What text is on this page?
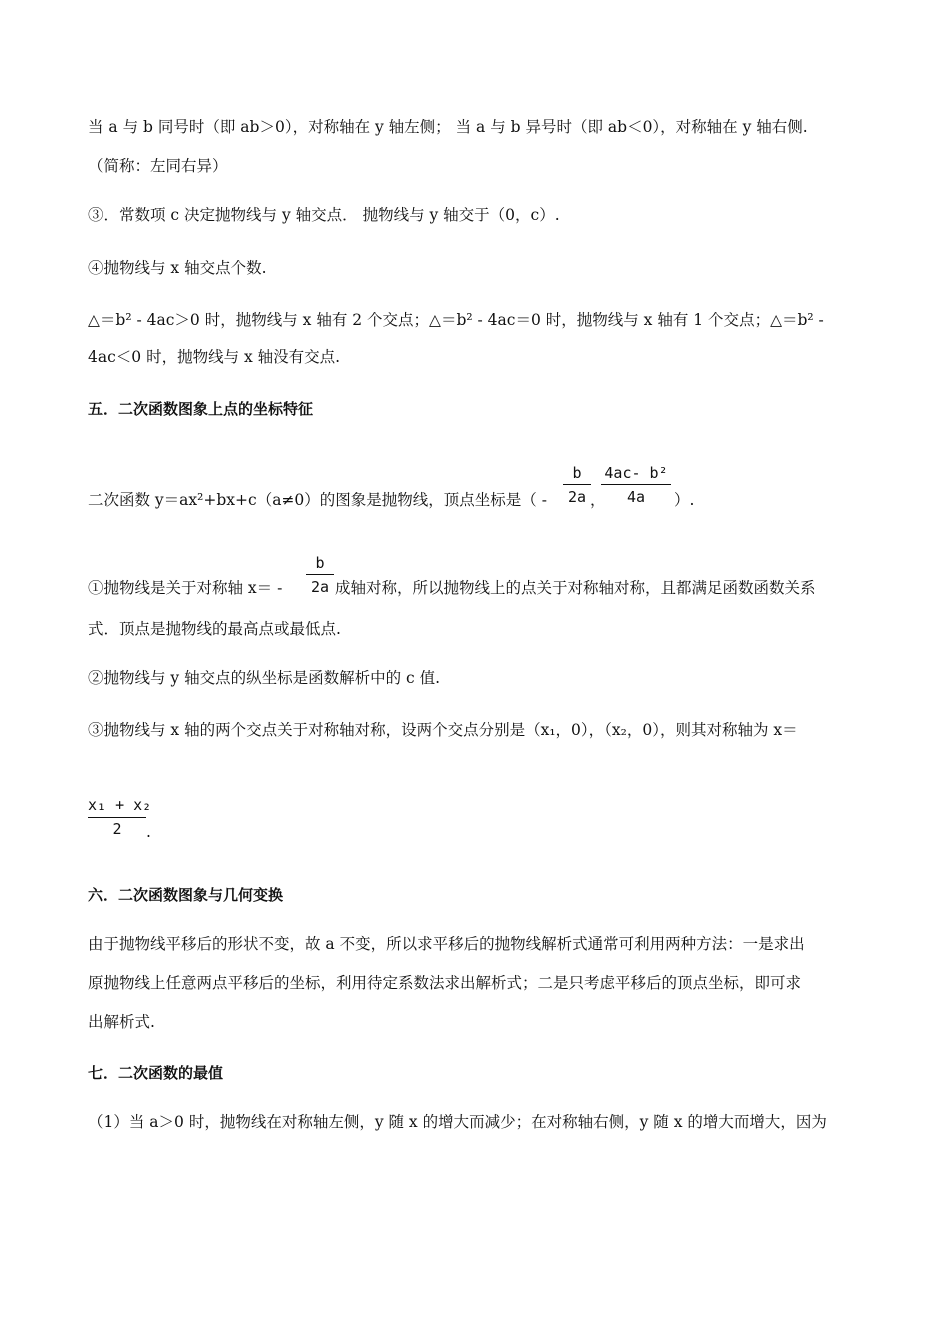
当 a 与 b 同号时（即 ab＞0），对称轴在 y 轴左侧； 当 a 与 b 异号时（即 ab＜0），对称轴在 y 轴右侧.
（简称：左同右异）
③．常数项 c 决定抛物线与 y 轴交点． 抛物线与 y 轴交于（0，c）.
④抛物线与 x 轴交点个数.
△＝b² - 4ac＞0 时，抛物线与 x 轴有 2 个交点；△＝b² - 4ac＝0 时，抛物线与 x 轴有 1 个交点；△＝b² -
4ac＜0 时，抛物线与 x 轴没有交点.
五．二次函数图象上点的坐标特征
二次函数 y＝ax²+bx+c（a≠0）的图象是抛物线，顶点坐标是（ -
b
2a ，
4ac- b²
4a	）.
①抛物线是关于对称轴 x＝ -
b
2a 成轴对称，所以抛物线上的点关于对称轴对称，且都满足函数函数关系
式．顶点是抛物线的最高点或最低点.
②抛物线与 y 轴交点的纵坐标是函数解析中的 c 值.
③抛物线与 x 轴的两个交点关于对称轴对称，设两个交点分别是（x₁，0），（x₂，0），则其对称轴为 x＝
x₁ + x₂
2	.
六．二次函数图象与几何变换
由于抛物线平移后的形状不变，故 a 不变，所以求平移后的抛物线解析式通常可利用两种方法：一是求出
原抛物线上任意两点平移后的坐标，利用待定系数法求出解析式；二是只考虑平移后的顶点坐标，即可求
出解析式.
七．二次函数的最值
（1）当 a＞0 时，抛物线在对称轴左侧，y 随 x 的增大而减少；在对称轴右侧，y 随 x 的增大而增大，因为
